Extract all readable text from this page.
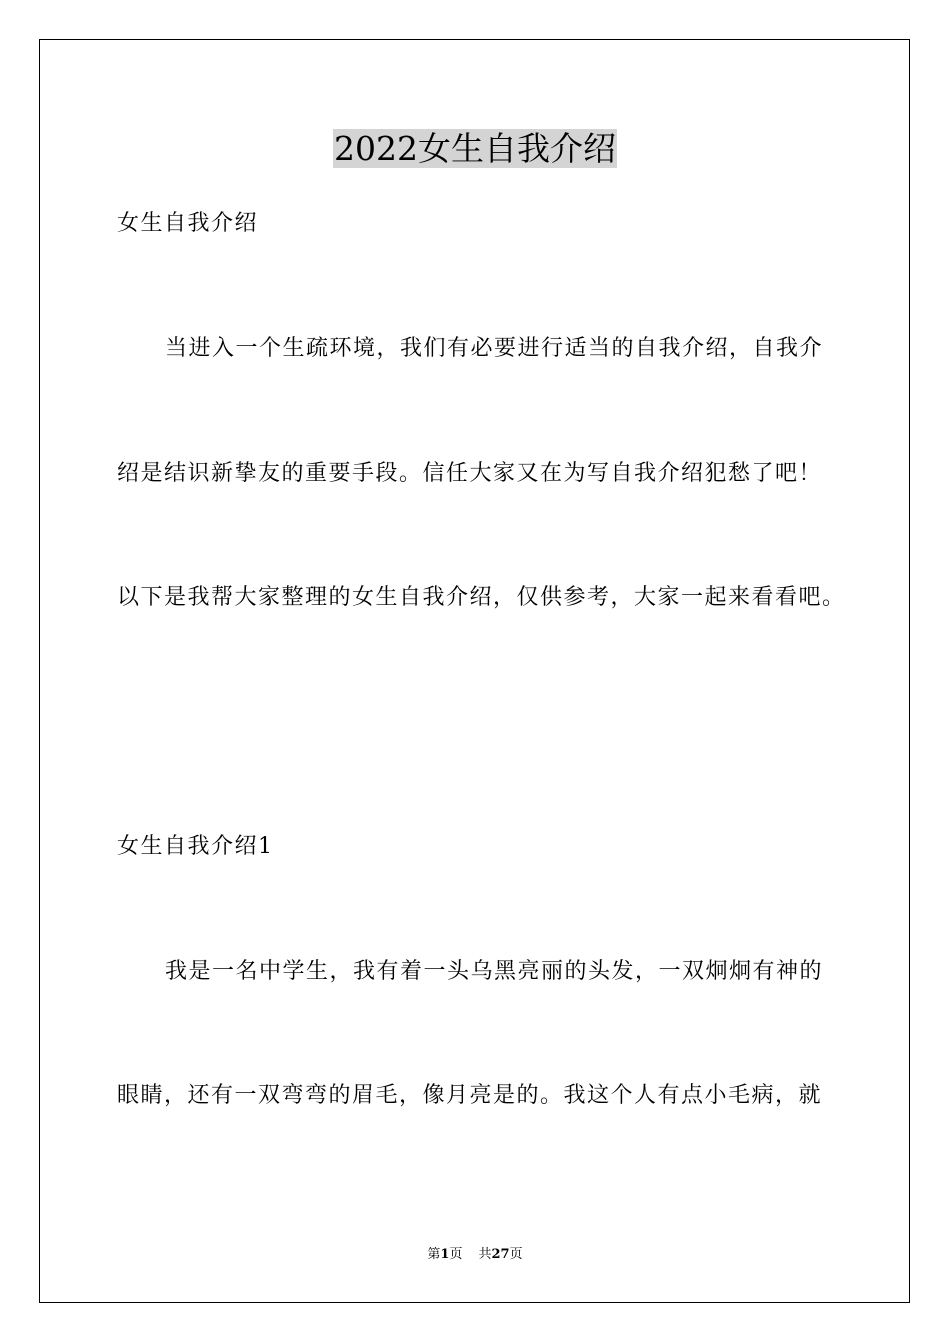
2022女生自我介绍
女生自我介绍
当进入一个生疏环境，我们有必要进行适当的自我介绍，自我介
绍是结识新挚友的重要手段。信任大家又在为写自我介绍犯愁了吧！
以下是我帮大家整理的女生自我介绍，仅供参考，大家一起来看看吧。
女生自我介绍1
我是一名中学生，我有着一头乌黑亮丽的头发，一双炯炯有神的
眼睛，还有一双弯弯的眉毛，像月亮是的。我这个人有点小毛病，就
第1页 共27页
